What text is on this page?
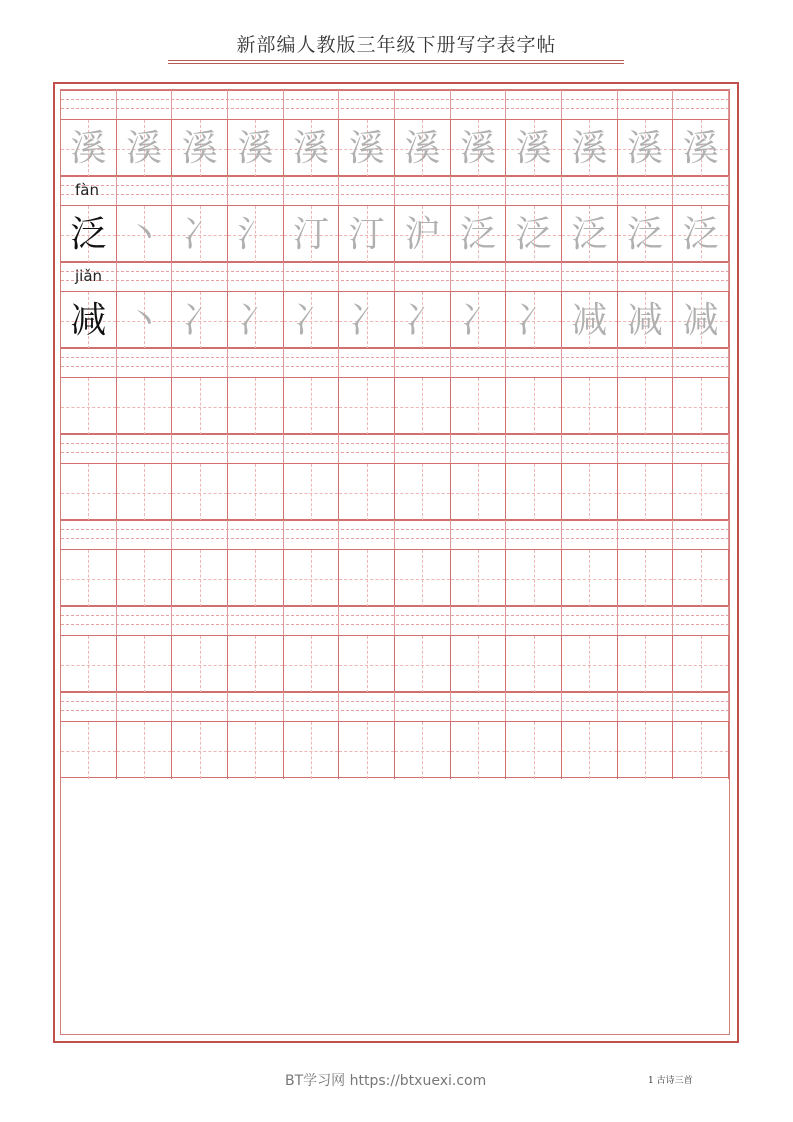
新部编人教版三年级下册写字表字帖
溪 溪 溪 溪 溪 溪 溪 溪 溪 溪 溪 溪
fàn
泛 丶 冫 氵 汀 汀 沪 泛 泛 泛 泛 泛
jiǎn
减 丶 冫 冫 冫 冫 冫 冫 冫 减 减 减
BT学习网 https://btxuexi.com	1 古诗三首
